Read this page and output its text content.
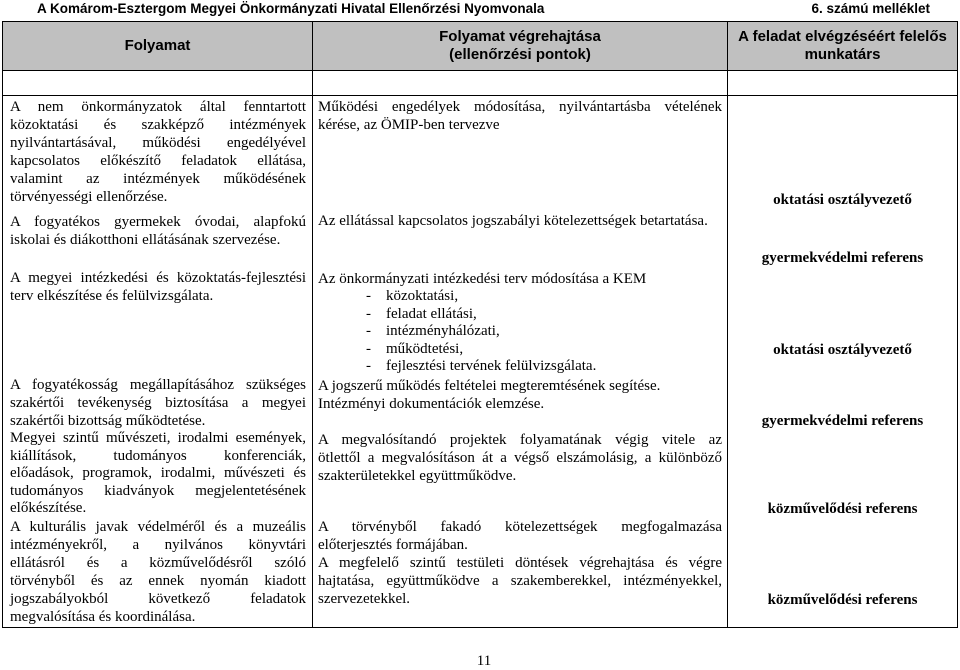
A Komárom-Esztergom Megyei Önkormányzati Hivatal Ellenőrzési Nyomvonala	6. számú melléklet
Folyamat
Folyamat végrehajtása
(ellenőrzési pontok)
A feladat elvégzéséért felelős
munkatárs
A nem önkormányzatok által fenntartott
közoktatási és szakképző intézmények
nyilvántartásával, működési engedélyével
kapcsolatos előkészítő feladatok ellátása,
valamint az intézmények működésének
törvényességi ellenőrzése.
A fogyatékos gyermekek óvodai, alapfokú
iskolai és diákotthoni ellátásának szervezése.
A megyei intézkedési és közoktatás-fejlesztési
terv elkészítése és felülvizsgálata.
A fogyatékosság megállapításához szükséges
szakértői tevékenység biztosítása a megyei
szakértői bizottság működtetése.
Megyei szintű művészeti, irodalmi események,
kiállítások, tudományos konferenciák,
előadások, programok, irodalmi, művészeti és
tudományos kiadványok megjelentetésének
előkészítése.
A kulturális javak védelméről és a muzeális
intézményekről, a nyilvános könyvtári
ellátásról és a közművelődésről szóló
törvényből és az ennek nyomán kiadott
jogszabályokból következő feladatok
megvalósítása és koordinálása.
Működési engedélyek módosítása, nyilvántartásba vételének
kérése, az ÖMIP-ben tervezve
Az ellátással kapcsolatos jogszabályi kötelezettségek betartatása.
Az önkormányzati intézkedési terv módosítása a KEM
- közoktatási,
- feladat ellátási,
- intézményhálózati,
- működtetési,
- fejlesztési tervének felülvizsgálata.
A jogszerű működés feltételei megteremtésének segítése.
Intézményi dokumentációk elemzése.
A megvalósítandó projektek folyamatának végig vitele az
ötlettől a megvalósításon át a végső elszámolásig, a különböző
szakterületekkel együttműködve.
A törvényből fakadó kötelezettségek megfogalmazása
előterjesztés formájában.
A megfelelő szintű testületi döntések végrehajtása és végre
hajtatása, együttműködve a szakemberekkel, intézményekkel,
szervezetekkel.
oktatási osztályvezető
gyermekvédelmi referens
oktatási osztályvezető
gyermekvédelmi referens
közművelődési referens
közművelődési referens
11
